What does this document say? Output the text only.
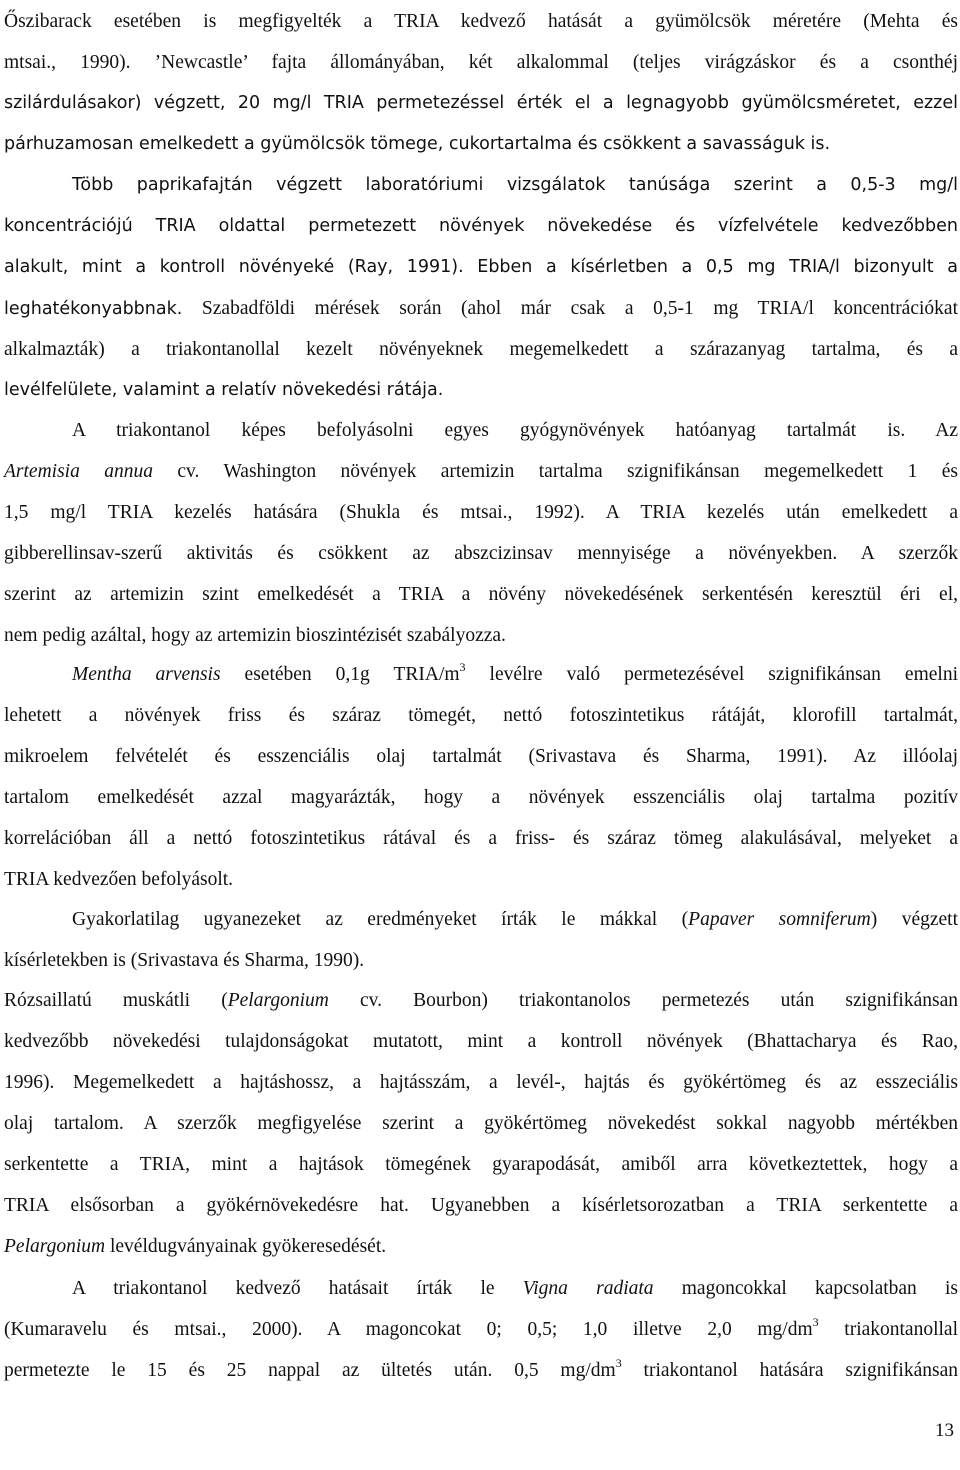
Őszibarack esetében is megfigyelték a TRIA kedvező hatását a gyümölcsök méretére (Mehta és
mtsai., 1990). ’Newcastle’ fajta állományában, két alkalommal (teljes virágzáskor és a csonthéj
szilárdulásakor) végzett, 20 mg/l TRIA permetezéssel érték el a legnagyobb gyümölcsméretet, ezzel
párhuzamosan emelkedett a gyümölcsök tömege, cukortartalma és csökkent a savasságuk is.
Több paprikafajtán végzett laboratóriumi vizsgálatok tanúsága szerint a 0,5-3 mg/l
koncentrációjú TRIA oldattal permetezett növények növekedése és vízfelvétele kedvezőbben
alakult, mint a kontroll növényeké (Ray, 1991). Ebben a kísérletben a 0,5 mg TRIA/l bizonyult a
leghatékonyabbnak. Szabadföldi mérések során (ahol már csak a 0,5-1 mg TRIA/l koncentrációkat
alkalmazták) a triakontanollal kezelt növényeknek megemelkedett a szárazanyag tartalma, és a
levélfelülete, valamint a relatív növekedési rátája.
A triakontanol képes befolyásolni egyes gyógynövények hatóanyag tartalmát is. Az
Artemisia annua cv. Washington növények artemizin tartalma szignifikánsan megemelkedett 1 és
1,5 mg/l TRIA kezelés hatására (Shukla és mtsai., 1992). A TRIA kezelés után emelkedett a
gibberellinsav-szerű aktivitás és csökkent az abszcizinsav mennyisége a növényekben. A szerzők
szerint az artemizin szint emelkedését a TRIA a növény növekedésének serkentésén keresztül éri el,
nem pedig azáltal, hogy az artemizin bioszintézisét szabályozza.
Mentha arvensis esetében 0,1g TRIA/$m^3$ levélre való permetezésével szignifikánsan emelni
lehetett a növények friss és száraz tömegét, nettó fotoszintetikus rátáját, klorofill tartalmát,
mikroelem felvételét és esszenciális olaj tartalmát (Srivastava és Sharma, 1991). Az illóolaj
tartalom emelkedését azzal magyarázták, hogy a növények esszenciális olaj tartalma pozitív
korrelációban áll a nettó fotoszintetikus rátával és a friss- és száraz tömeg alakulásával, melyeket a
TRIA kedvezően befolyásolt.
Gyakorlatilag ugyanezeket az eredményeket írták le mákkal (Papaver somniferum) végzett
kísérletekben is (Srivastava és Sharma, 1990).
Rózsaillatú muskátli (Pelargonium cv. Bourbon) triakontanolos permetezés után szignifikánsan
kedvezőbb növekedési tulajdonságokat mutatott, mint a kontroll növények (Bhattacharya és Rao,
1996). Megemelkedett a hajtáshossz, a hajtásszám, a levél-, hajtás és gyökértömeg és az esszeciális
olaj tartalom. A szerzők megfigyelése szerint a gyökértömeg növekedést sokkal nagyobb mértékben
serkentette a TRIA, mint a hajtások tömegének gyarapodását, amiből arra következtettek, hogy a
TRIA elsősorban a gyökérnövekedésre hat. Ugyanebben a kísérletsorozatban a TRIA serkentette a
Pelargonium levéldugványainak gyökeresedését.
A triakontanol kedvező hatásait írták le Vigna radiata magoncokkal kapcsolatban is
(Kumaravelu és mtsai., 2000). A magoncokat 0; 0,5; 1,0 illetve 2,0 $mg/dm^3$ triakontanollal
permetezte le 15 és 25 nappal az ültetés után. 0,5 $mg/dm^3$ triakontanol hatására szignifikánsan
13
